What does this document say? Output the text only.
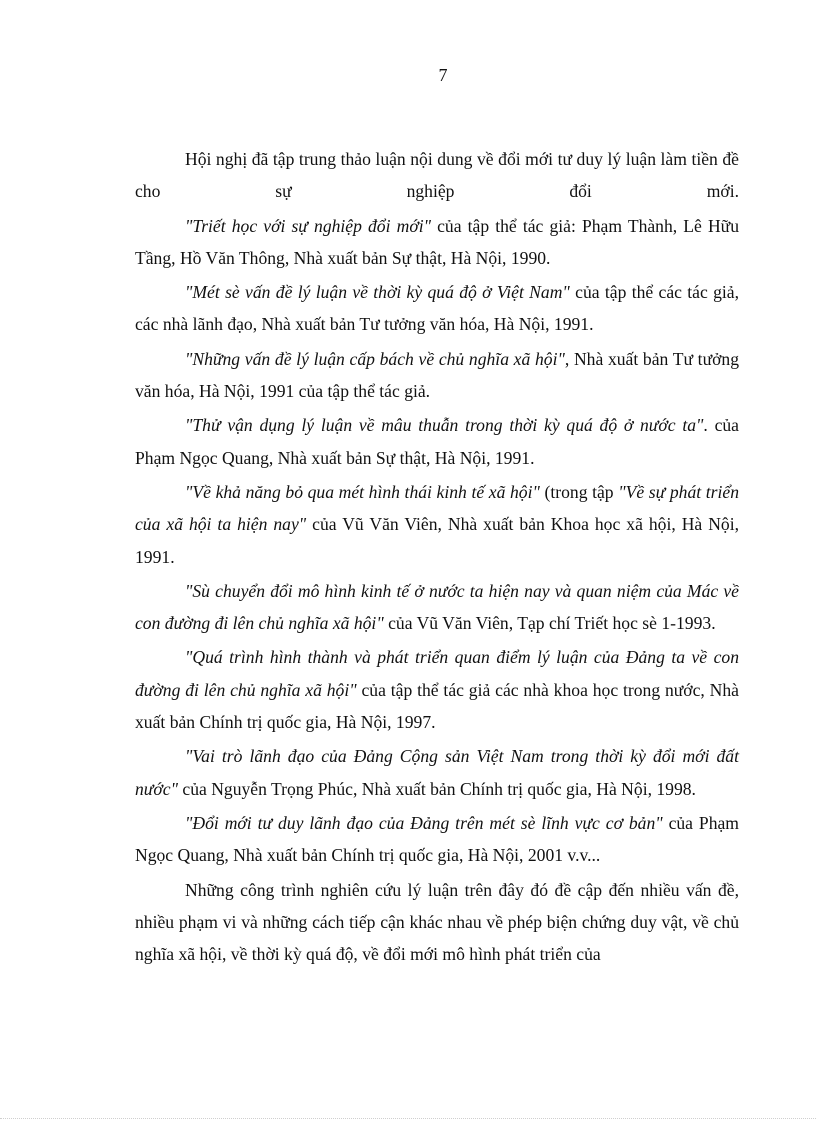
7

Hội nghị đã tập trung thảo luận nội dung về đổi mới tư duy lý luận làm tiền đề cho sự nghiệp đổi mới.

"Triết học với sự nghiệp đổi mới" của tập thể tác giả: Phạm Thành, Lê Hữu Tầng, Hồ Văn Thông, Nhà xuất bản Sự thật, Hà Nội, 1990.

"Mét sè vấn đề lý luận về thời kỳ quá độ ở Việt Nam" của tập thể các tác giả, các nhà lãnh đạo, Nhà xuất bản Tư tưởng văn hóa, Hà Nội, 1991.

"Những vấn đề lý luận cấp bách về chủ nghĩa xã hội", Nhà xuất bản Tư tưởng văn hóa, Hà Nội, 1991 của tập thể tác giả.

"Thử vận dụng lý luận về mâu thuẫn trong thời kỳ quá độ ở nước ta". của Phạm Ngọc Quang, Nhà xuất bản Sự thật, Hà Nội, 1991.

"Về khả năng bỏ qua mét hình thái kinh tế xã hội" (trong tập "Về sự phát triển của xã hội ta hiện nay" của Vũ Văn Viên, Nhà xuất bản Khoa học xã hội, Hà Nội, 1991.

"Sù chuyển đổi mô hình kinh tế ở nước ta hiện nay và quan niệm của Mác về con đường đi lên chủ nghĩa xã hội" của Vũ Văn Viên, Tạp chí Triết học sè 1-1993.

"Quá trình hình thành và phát triển quan điểm lý luận của Đảng ta về con đường đi lên chủ nghĩa xã hội" của tập thể tác giả các nhà khoa học trong nước, Nhà xuất bản Chính trị quốc gia, Hà Nội, 1997.

"Vai trò lãnh đạo của Đảng Cộng sản Việt Nam trong thời kỳ đổi mới đất nước" của Nguyễn Trọng Phúc, Nhà xuất bản Chính trị quốc gia, Hà Nội, 1998.

"Đổi mới tư duy lãnh đạo của Đảng trên mét sè lĩnh vực cơ bản" của Phạm Ngọc Quang, Nhà xuất bản Chính trị quốc gia, Hà Nội, 2001 v.v...

Những công trình nghiên cứu lý luận trên đây đó đề cập đến nhiều vấn đề, nhiều phạm vi và những cách tiếp cận khác nhau về phép biện chứng duy vật, về chủ nghĩa xã hội, về thời kỳ quá độ, về đổi mới mô hình phát triển của
